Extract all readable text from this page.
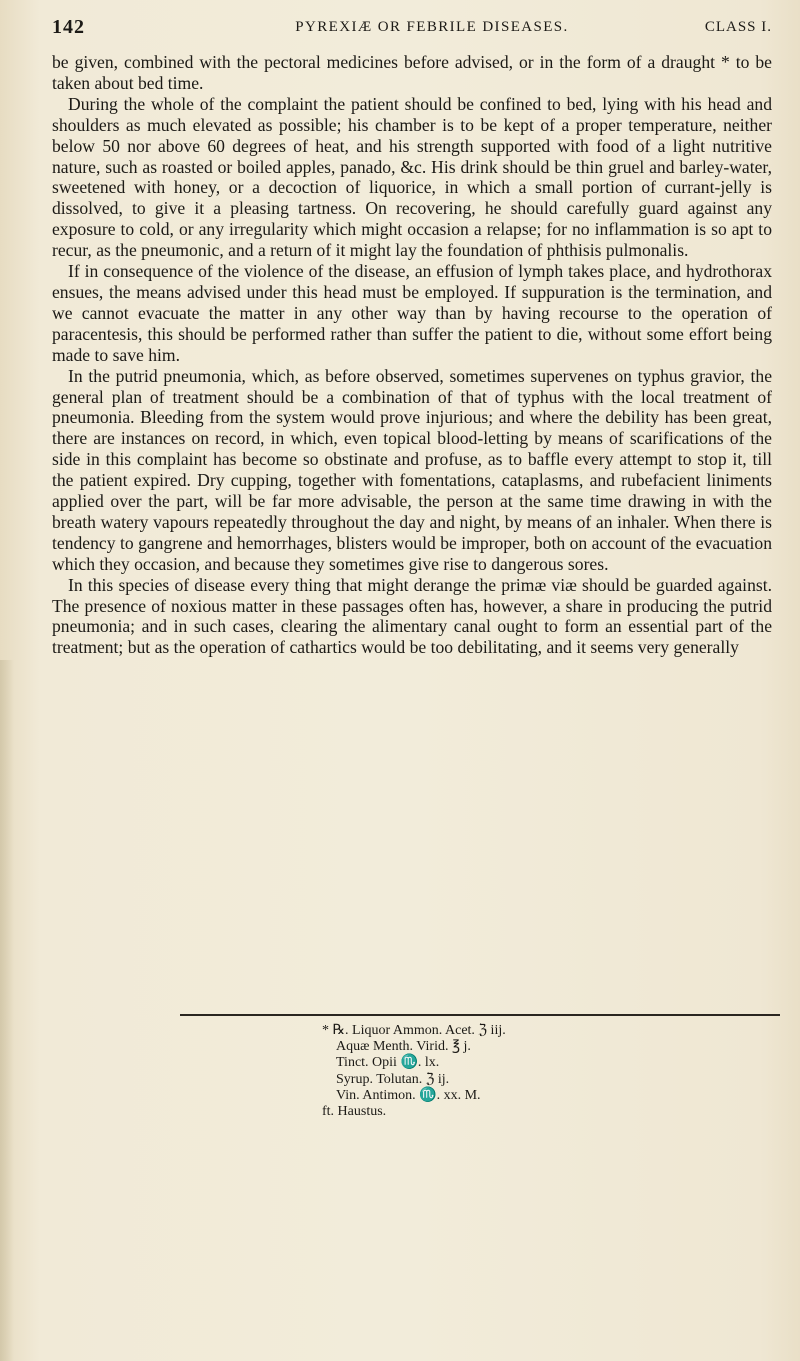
142	PYREXIÆ OR FEBRILE DISEASES.	CLASS I.

be given, combined with the pectoral medicines before advised, or in the form of a draught * to be taken about bed time.

During the whole of the complaint the patient should be confined to bed, lying with his head and shoulders as much elevated as possible; his chamber is to be kept of a proper temperature, neither below 50 nor above 60 degrees of heat, and his strength supported with food of a light nutritive nature, such as roasted or boiled apples, panado, &c. His drink should be thin gruel and barley-water, sweetened with honey, or a decoction of liquorice, in which a small portion of currant-jelly is dissolved, to give it a pleasing tartness. On recovering, he should carefully guard against any exposure to cold, or any irregularity which might occasion a relapse; for no inflammation is so apt to recur, as the pneumonic, and a return of it might lay the foundation of phthisis pulmonalis.

If in consequence of the violence of the disease, an effusion of lymph takes place, and hydrothorax ensues, the means advised under this head must be employed. If suppuration is the termination, and we cannot evacuate the matter in any other way than by having recourse to the operation of paracentesis, this should be performed rather than suffer the patient to die, without some effort being made to save him.

In the putrid pneumonia, which, as before observed, sometimes supervenes on typhus gravior, the general plan of treatment should be a combination of that of typhus with the local treatment of pneumonia. Bleeding from the system would prove injurious; and where the debility has been great, there are instances on record, in which, even topical blood-letting by means of scarifications of the side in this complaint has become so obstinate and profuse, as to baffle every attempt to stop it, till the patient expired. Dry cupping, together with fomentations, cataplasms, and rubefacient liniments applied over the part, will be far more advisable, the person at the same time drawing in with the breath watery vapours repeatedly throughout the day and night, by means of an inhaler. When there is tendency to gangrene and hemorrhages, blisters would be improper, both on account of the evacuation which they occasion, and because they sometimes give rise to dangerous sores.

In this species of disease every thing that might derange the primæ viæ should be guarded against. The presence of noxious matter in these passages often has, however, a share in producing the putrid pneumonia; and in such cases, clearing the alimentary canal ought to form an essential part of the treatment; but as the operation of cathartics would be too debilitating, and it seems very generally

* ℞. Liquor Ammon. Acet. ℨ iij.

Aquæ Menth. Virid. ℥ j.

Tinct. Opii ♏. lx.

Syrup. Tolutan. ℨ ij.

Vin. Antimon. ♏. xx. M.

ft. Haustus.
